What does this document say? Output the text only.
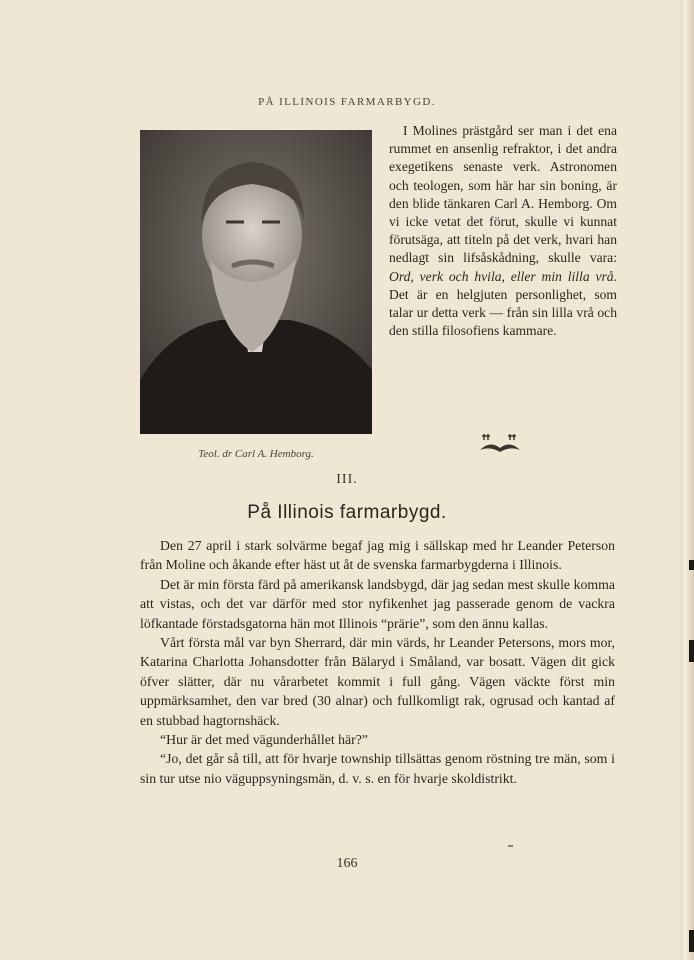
PÅ ILLINOIS FARMARBYGD.
Teol. dr Carl A. Hemborg.

I Molines prästgård ser man i det ena rummet en ansenlig refraktor, i det andra exegetikens senaste verk. Astronomen och teologen, som här har sin boning, är den blide tänkaren Carl A. Hemborg. Om vi icke vetat det förut, skulle vi kunnat förutsäga, att titeln på det verk, hvari han nedlagt sin lifsåskådning, skulle vara: Ord, verk och hvila, eller min lilla vrå. Det är en helgjuten personlighet, som talar ur detta verk — från sin lilla vrå och den stilla filosofiens kammare.

III.
På Illinois farmarbygd.

Den 27 april i stark solvärme begaf jag mig i sällskap med hr Leander Peterson från Moline och åkande efter häst ut åt de svenska farmarbygderna i Illinois.

Det är min första färd på amerikansk landsbygd, där jag sedan mest skulle komma att vistas, och det var därför med stor nyfikenhet jag passerade genom de vackra löfkantade förstadsgatorna hän mot Illinois “prärie”, som den ännu kallas.

Vårt första mål var byn Sherrard, där min värds, hr Leander Petersons, mors mor, Katarina Charlotta Johansdotter från Bälaryd i Småland, var bosatt. Vägen dit gick öfver slätter, där nu vårarbetet kommit i full gång. Vägen väckte först min uppmärksamhet, den var bred (30 alnar) och fullkomligt rak, ogrusad och kantad af en stubbad hagtornshäck.

“Hur är det med vägunderhållet här?”

“Jo, det går så till, att för hvarje township tillsättas genom röstning tre män, som i sin tur utse nio väguppsyningsmän, d. v. s. en för hvarje skoldistrikt.

166
